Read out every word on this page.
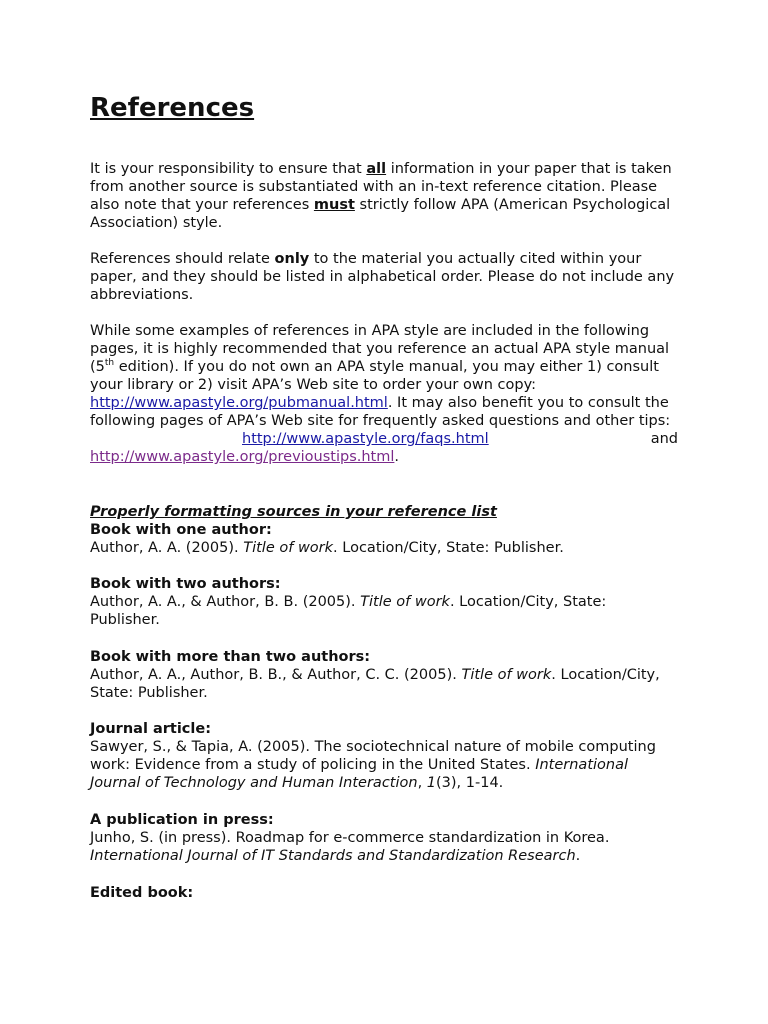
References
It is your responsibility to ensure that all information in your paper that is taken from another source is substantiated with an in-text reference citation. Please also note that your references must strictly follow APA (American Psychological Association) style.
References should relate only to the material you actually cited within your paper, and they should be listed in alphabetical order. Please do not include any abbreviations.
While some examples of references in APA style are included in the following pages, it is highly recommended that you reference an actual APA style manual (5th edition). If you do not own an APA style manual, you may either 1) consult your library or 2) visit APA’s Web site to order your own copy: http://www.apastyle.org/pubmanual.html. It may also benefit you to consult the following pages of APA’s Web site for frequently asked questions and other tips:
http://www.apastyle.org/faqs.html	and
http://www.apastyle.org/previoustips.html.
Properly formatting sources in your reference list
Book with one author:
Author, A. A. (2005). Title of work. Location/City, State: Publisher.
Book with two authors:
Author, A. A., & Author, B. B. (2005). Title of work. Location/City, State: Publisher.
Book with more than two authors:
Author, A. A., Author, B. B., & Author, C. C. (2005). Title of work. Location/City, State: Publisher.
Journal article:
Sawyer, S., & Tapia, A. (2005). The sociotechnical nature of mobile computing work: Evidence from a study of policing in the United States. International Journal of Technology and Human Interaction, 1(3), 1-14.
A publication in press:
Junho, S. (in press). Roadmap for e-commerce standardization in Korea. International Journal of IT Standards and Standardization Research.
Edited book:
